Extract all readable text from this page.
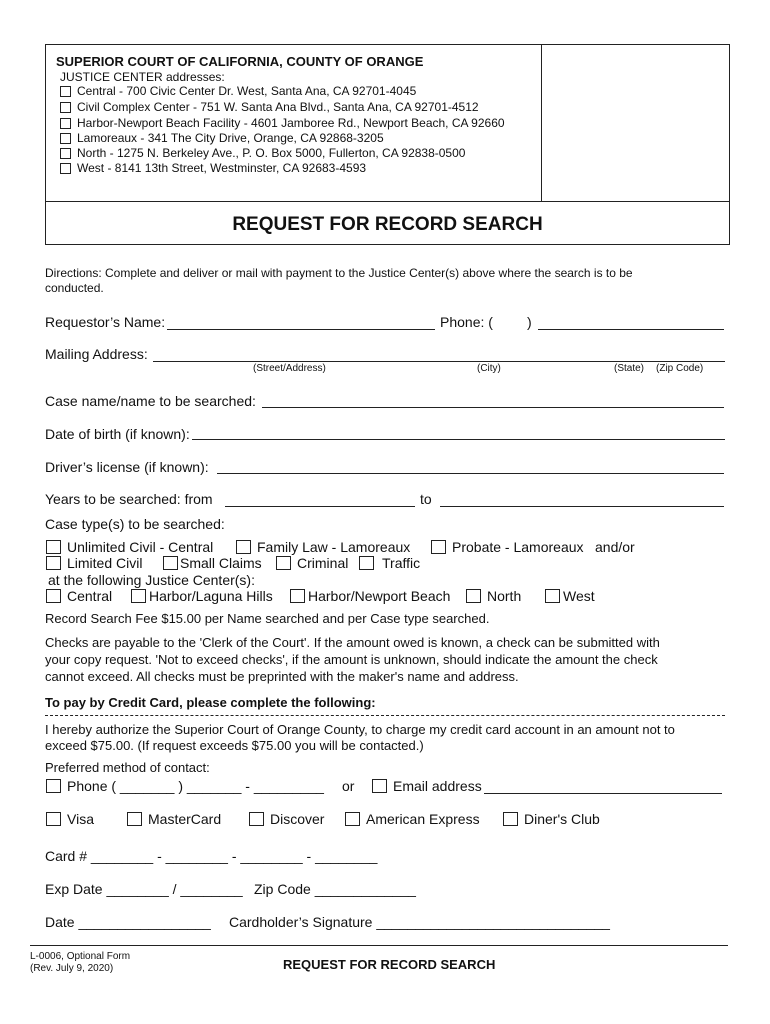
SUPERIOR COURT OF CALIFORNIA, COUNTY OF ORANGE
JUSTICE CENTER addresses:
Central - 700 Civic Center Dr. West, Santa Ana, CA 92701-4045
Civil Complex Center - 751 W. Santa Ana Blvd., Santa Ana, CA 92701-4512
Harbor-Newport Beach Facility - 4601 Jamboree Rd., Newport Beach, CA 92660
Lamoreaux - 341 The City Drive, Orange, CA 92868-3205
North - 1275 N. Berkeley Ave., P. O. Box 5000, Fullerton, CA 92838-0500
West - 8141 13th Street, Westminster, CA 92683-4593
REQUEST FOR RECORD SEARCH
Directions: Complete and deliver or mail with payment to the Justice Center(s) above where the search is to be
conducted.
Requestor’s Name:	Phone: ( )
Mailing Address:
(Street/Address)	(City)	(State) (Zip Code)
Case name/name to be searched:
Date of birth (if known):
Driver’s license (if known):
Years to be searched: from	to
Case type(s) to be searched:
Unlimited Civil - Central	Family Law - Lamoreaux	Probate - Lamoreaux and/or
Limited Civil	Small Claims	Criminal	Traffic
at the following Justice Center(s):
Central	Harbor/Laguna Hills	Harbor/Newport Beach	North	West
Record Search Fee $15.00 per Name searched and per Case type searched.
Checks are payable to the 'Clerk of the Court'. If the amount owed is known, a check can be submitted with
your copy request. 'Not to exceed checks', if the amount is unknown, should indicate the amount the check
cannot exceed. All checks must be preprinted with the maker's name and address.
To pay by Credit Card, please complete the following:
I hereby authorize the Superior Court of Orange County, to charge my credit card account in an amount not to
exceed $75.00. (If request exceeds $75.00 you will be contacted.)
Preferred method of contact:
Phone ( _______ ) _______ - _________ or	Email address
Visa	MasterCard	Discover	American Express	Diner's Club
Card # ________ - ________ - ________ - ________
Exp Date ________ / ________ Zip Code _____________
Date _________________ Cardholder’s Signature ______________________________
L-0006, Optional Form
(Rev. July 9, 2020)	REQUEST FOR RECORD SEARCH
